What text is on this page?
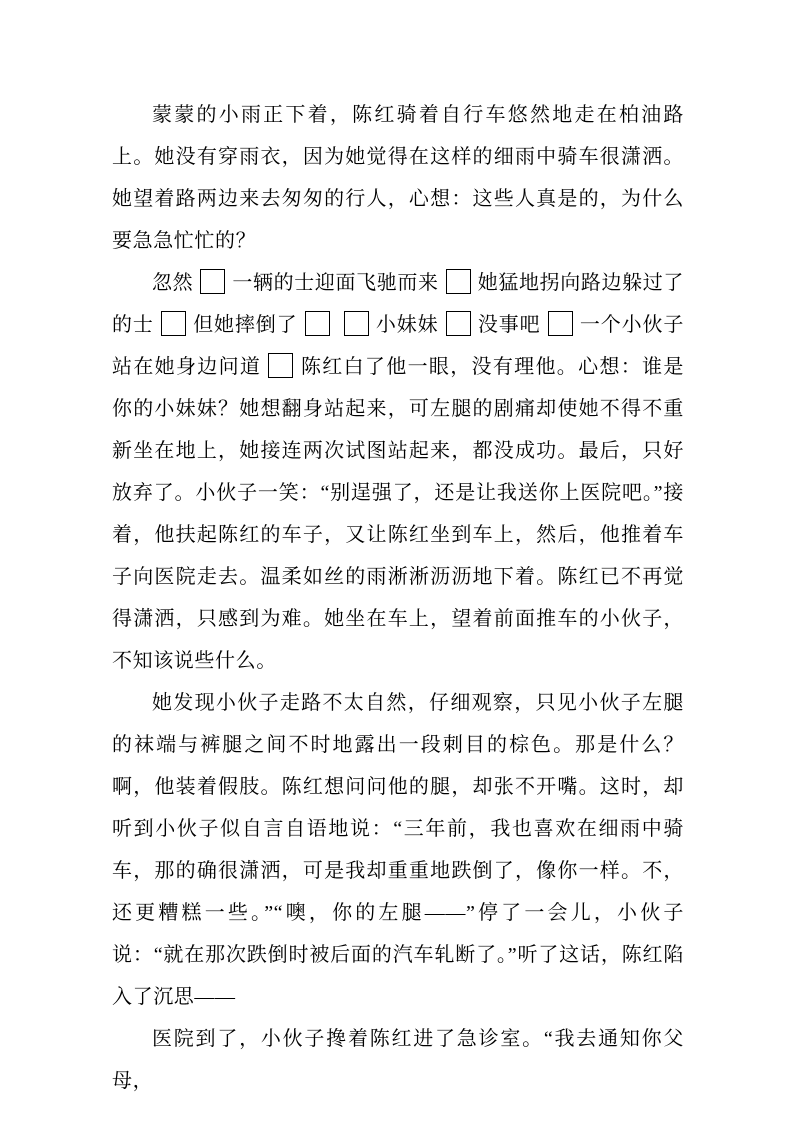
蒙蒙的小雨正下着，陈红骑着自行车悠然地走在柏油路上。她没有穿雨衣，因为她觉得在这样的细雨中骑车很潇洒。她望着路两边来去匆匆的行人，心想：这些人真是的，为什么要急急忙忙的？

忽然 一辆的士迎面飞驰而来 她猛地拐向路边躲过了的士 但她摔倒了	小妹妹 没事吧 一个小伙子站在她身边问道 陈红白了他一眼，没有理他。心想：谁是你的小妹妹？她想翻身站起来，可左腿的剧痛却使她不得不重新坐在地上，她接连两次试图站起来，都没成功。最后，只好放弃了。小伙子一笑：“别逞强了，还是让我送你上医院吧。”接着，他扶起陈红的车子，又让陈红坐到车上，然后，他推着车子向医院走去。温柔如丝的雨淅淅沥沥地下着。陈红已不再觉得潇洒，只感到为难。她坐在车上，望着前面推车的小伙子，不知该说些什么。

她发现小伙子走路不太自然，仔细观察，只见小伙子左腿的袜端与裤腿之间不时地露出一段刺目的棕色。那是什么？啊，他装着假肢。陈红想问问他的腿，却张不开嘴。这时，却听到小伙子似自言自语地说：“三年前，我也喜欢在细雨中骑车，那的确很潇洒，可是我却重重地跌倒了，像你一样。不，还更糟糕一些。”“噢，你的左腿——”停了一会儿，小伙子说：“就在那次跌倒时被后面的汽车轧断了。”听了这话，陈红陷入了沉思——

医院到了，小伙子搀着陈红进了急诊室。“我去通知你父母，
